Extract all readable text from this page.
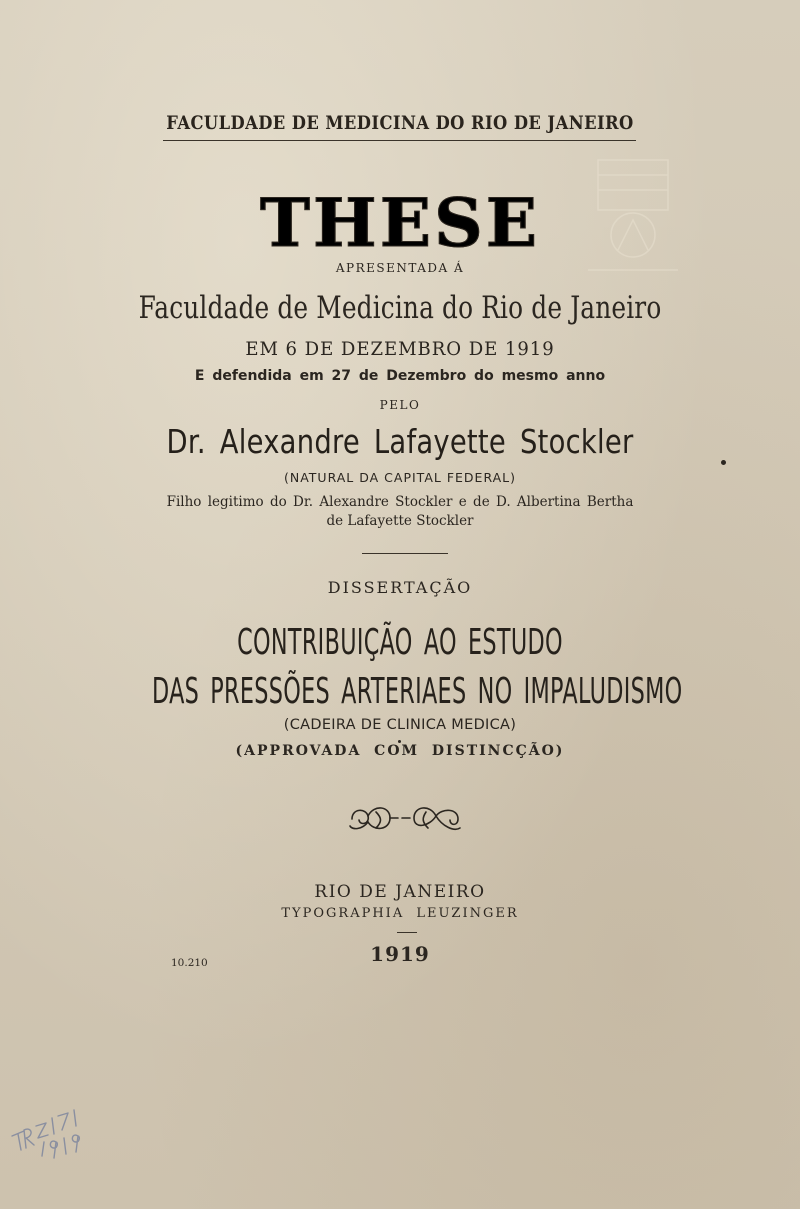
FACULDADE DE MEDICINA DO RIO DE JANEIRO

THESE

APRESENTADA Á

Faculdade de Medicina do Rio de Janeiro

EM 6 DE DEZEMBRO DE 1919

E defendida em 27 de Dezembro do mesmo anno

PELO

Dr. Alexandre Lafayette Stockler

(NATURAL DA CAPITAL FEDERAL)

Filho legitimo do Dr. Alexandre Stockler e de D. Albertina Bertha

de Lafayette Stockler

DISSERTAÇÃO

CONTRIBUIÇÃO AO ESTUDO

DAS PRESSÕES ARTERIAES NO IMPALUDISMO

(CADEIRA DE CLINICA MEDICA)

(APPROVADA COM DISTINCÇÃO)

RIO DE JANEIRO

TYPOGRAPHIA LEUZINGER

1919

10.210
